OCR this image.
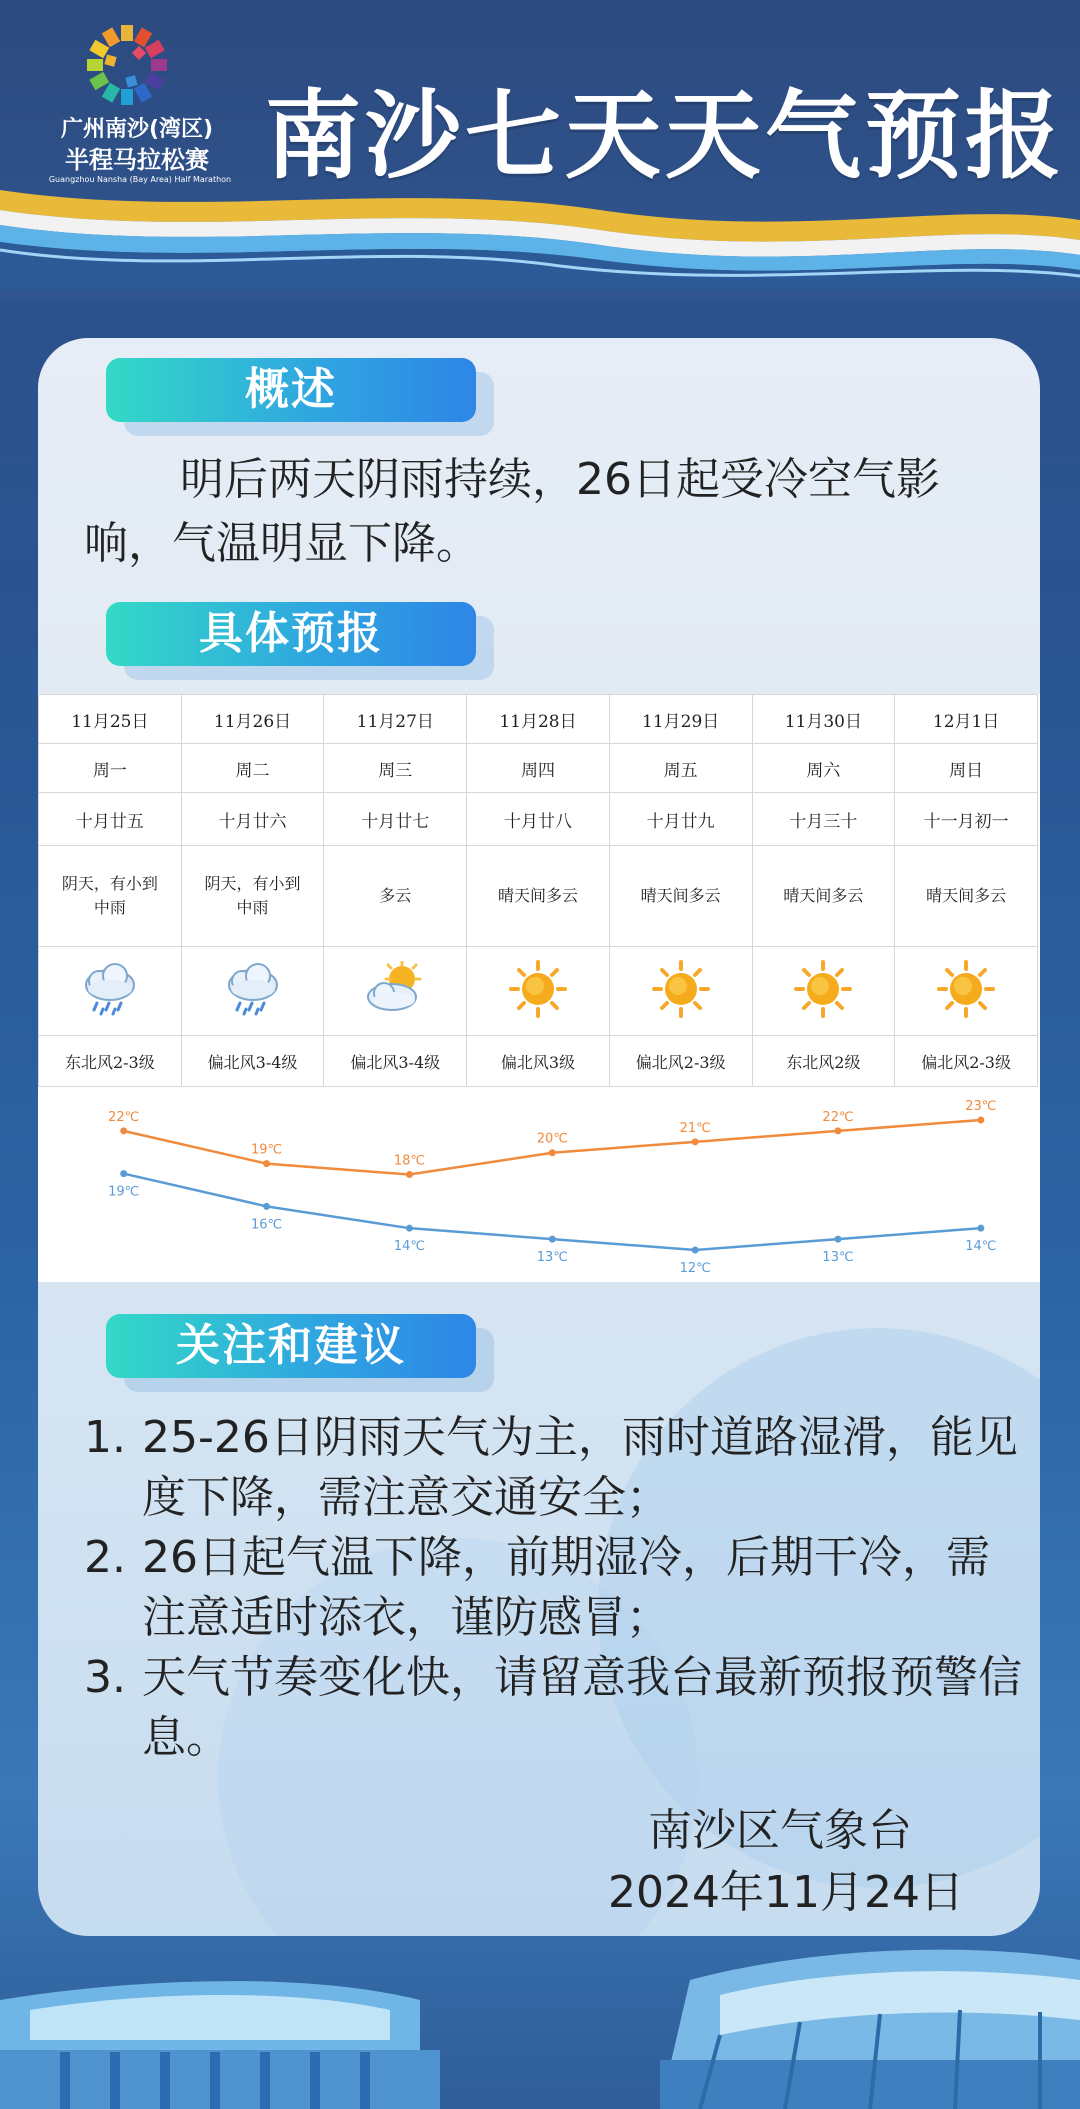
广州南沙(湾区)
半程马拉松赛
Guangzhou Nansha (Bay Area) Half Marathon 南沙七天天气预报
概述
明后两天阴雨持续，26日起受冷空气影响，气温明显下降。
具体预报
11月25日	11月26日	11月27日	11月28日	11月29日	11月30日	12月1日
周一	周二	周三	周四	周五	周六	周日
十月廿五	十月廿六	十月廿七	十月廿八	十月廿九	十月三十	十一月初一

阴天，有小到中雨	阴天，有小到中雨	多云	晴天间多云	晴天间多云	晴天间多云	晴天间多云

东北风2-3级	偏北风3-4级	偏北风3-4级	偏北风3级	偏北风2-3级	东北风2级	偏北风2-3级
22℃
19℃
18℃
20℃
21℃
22℃
23℃
19℃
16℃
14℃
13℃
12℃
13℃
14℃
关注和建议
1. 25-26日阴雨天气为主，雨时道路湿滑，能见度下降，需注意交通安全；
2. 26日起气温下降，前期湿冷，后期干冷，需注意适时添衣，谨防感冒；
3. 天气节奏变化快，请留意我台最新预报预警信息。
南沙区气象台
2024年11月24日
